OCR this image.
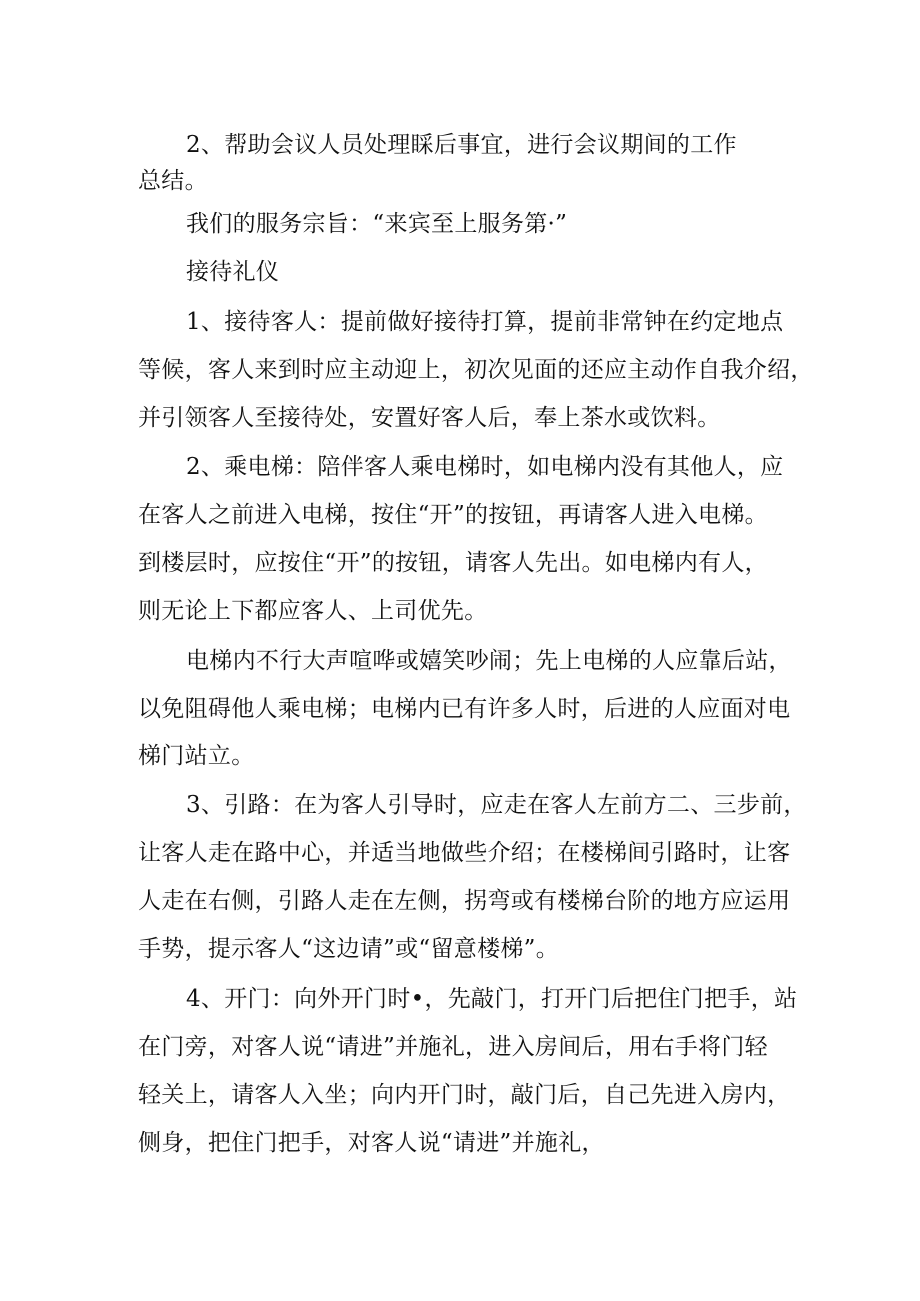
2、帮助会议人员处理睬后事宜，进行会议期间的工作
总结。
我们的服务宗旨：“来宾至上服务第·”
接待礼仪
1、接待客人：提前做好接待打算，提前非常钟在约定地点
等候，客人来到时应主动迎上，初次见面的还应主动作自我介绍，
并引领客人至接待处，安置好客人后，奉上茶水或饮料。
2、乘电梯：陪伴客人乘电梯时，如电梯内没有其他人，应
在客人之前进入电梯，按住“开”的按钮，再请客人进入电梯。
到楼层时，应按住“开”的按钮，请客人先出。如电梯内有人，
则无论上下都应客人、上司优先。
电梯内不行大声喧哗或嬉笑吵闹；先上电梯的人应靠后站，
以免阻碍他人乘电梯；电梯内已有许多人时，后进的人应面对电
梯门站立。
3、引路：在为客人引导时，应走在客人左前方二、三步前，
让客人走在路中心，并适当地做些介绍；在楼梯间引路时，让客
人走在右侧，引路人走在左侧，拐弯或有楼梯台阶的地方应运用
手势，提示客人“这边请”或“留意楼梯”。
4、开门：向外开门时•，先敲门，打开门后把住门把手，站
在门旁，对客人说“请进”并施礼，进入房间后，用右手将门轻
轻关上，请客人入坐；向内开门时，敲门后，自己先进入房内，
侧身，把住门把手，对客人说“请进”并施礼，
